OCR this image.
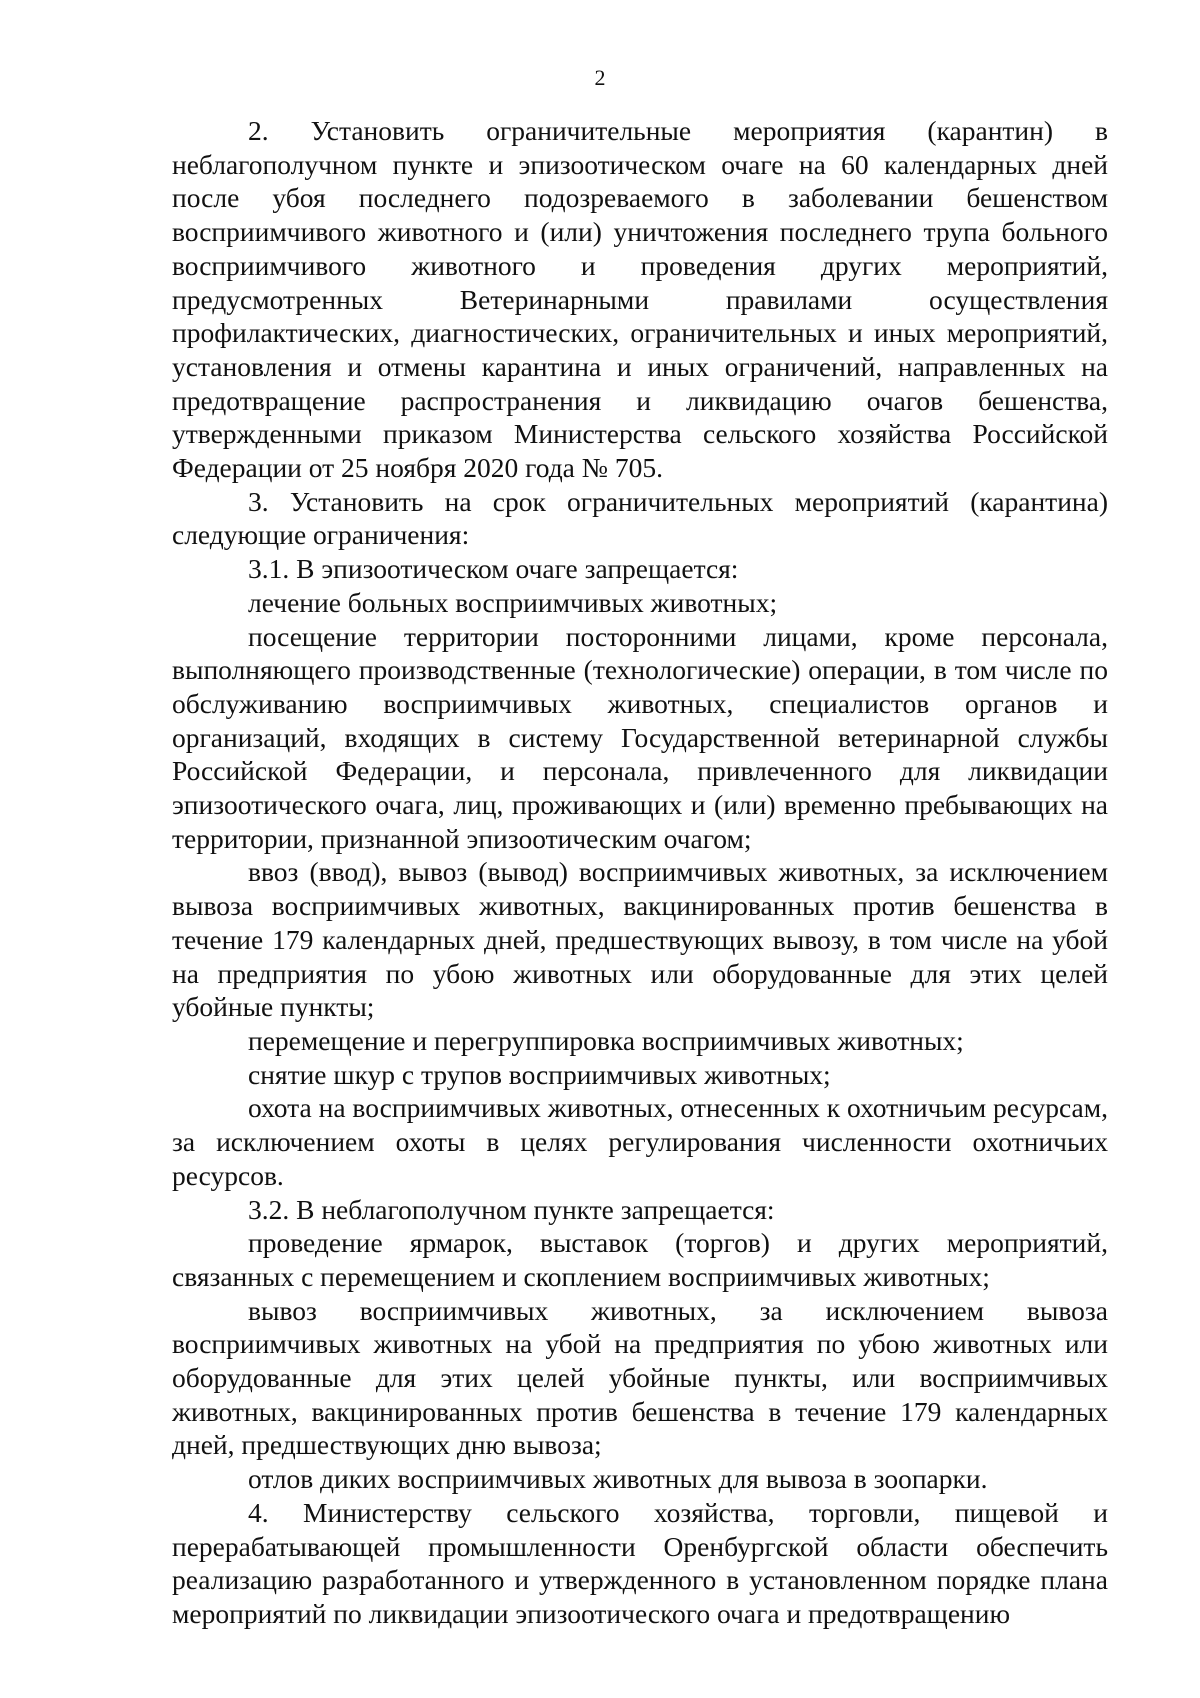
2

2. Установить ограничительные мероприятия (карантин) в неблагополучном пункте и эпизоотическом очаге на 60 календарных дней после убоя последнего подозреваемого в заболевании бешенством восприимчивого животного и (или) уничтожения последнего трупа больного восприимчивого животного и проведения других мероприятий, предусмотренных Ветеринарными правилами осуществления профилактических, диагностических, ограничительных и иных мероприятий, установления и отмены карантина и иных ограничений, направленных на предотвращение распространения и ликвидацию очагов бешенства, утвержденными приказом Министерства сельского хозяйства Российской Федерации от 25 ноября 2020 года № 705.

3. Установить на срок ограничительных мероприятий (карантина) следующие ограничения:

3.1. В эпизоотическом очаге запрещается:

лечение больных восприимчивых животных;

посещение территории посторонними лицами, кроме персонала, выполняющего производственные (технологические) операции, в том числе по обслуживанию восприимчивых животных, специалистов органов и организаций, входящих в систему Государственной ветеринарной службы Российской Федерации, и персонала, привлеченного для ликвидации эпизоотического очага, лиц, проживающих и (или) временно пребывающих на территории, признанной эпизоотическим очагом;

ввоз (ввод), вывоз (вывод) восприимчивых животных, за исключением вывоза восприимчивых животных, вакцинированных против бешенства в течение 179 календарных дней, предшествующих вывозу, в том числе на убой на предприятия по убою животных или оборудованные для этих целей убойные пункты;

перемещение и перегруппировка восприимчивых животных;

снятие шкур с трупов восприимчивых животных;

охота на восприимчивых животных, отнесенных к охотничьим ресурсам, за исключением охоты в целях регулирования численности охотничьих ресурсов.

3.2. В неблагополучном пункте запрещается:

проведение ярмарок, выставок (торгов) и других мероприятий, связанных с перемещением и скоплением восприимчивых животных;

вывоз восприимчивых животных, за исключением вывоза восприимчивых животных на убой на предприятия по убою животных или оборудованные для этих целей убойные пункты, или восприимчивых животных, вакцинированных против бешенства в течение 179 календарных дней, предшествующих дню вывоза;

отлов диких восприимчивых животных для вывоза в зоопарки.

4. Министерству сельского хозяйства, торговли, пищевой и перерабатывающей промышленности Оренбургской области обеспечить реализацию разработанного и утвержденного в установленном порядке плана мероприятий по ликвидации эпизоотического очага и предотвращению
